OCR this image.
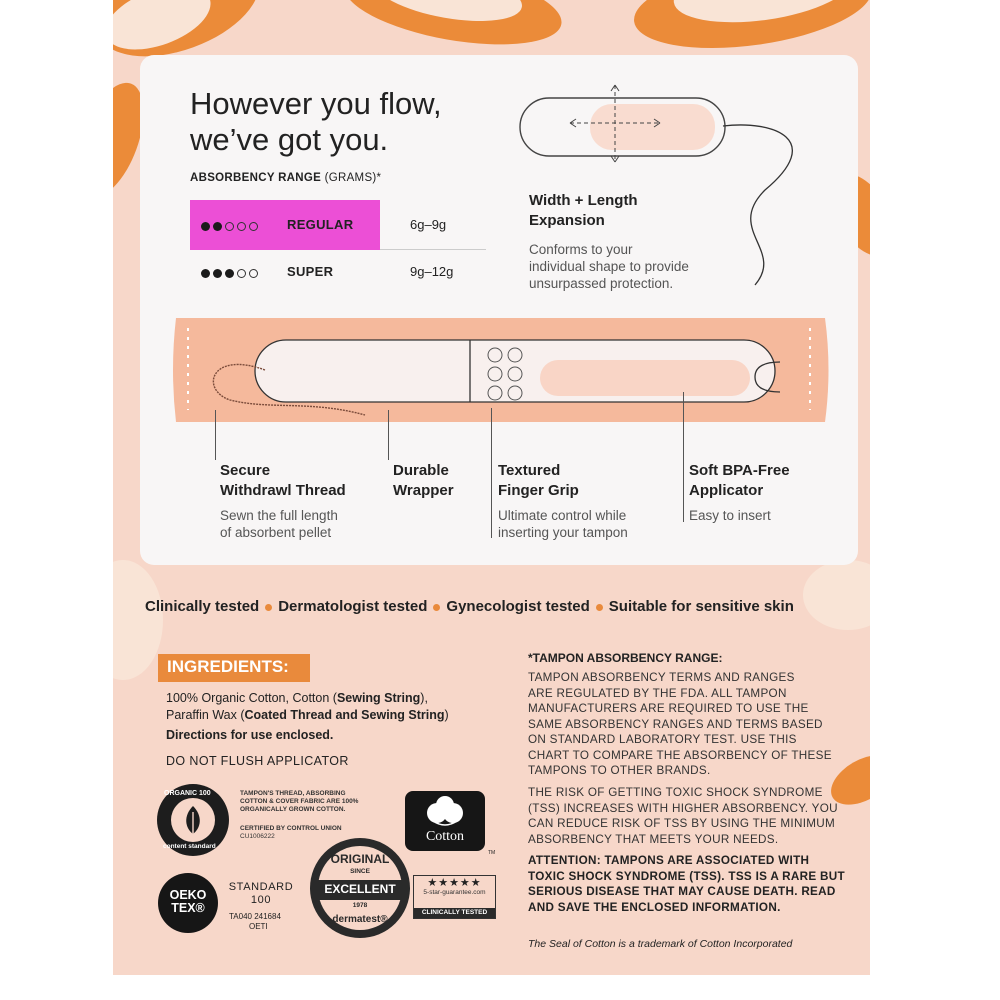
However you flow,
we’ve got you.
ABSORBENCY RANGE (GRAMS)*
REGULAR	6g–9g
SUPER	9g–12g
Width + Length
Expansion
Conforms to your
individual shape to provide
unsurpassed protection.
Secure
Withdrawl Thread
Sewn the full length
of absorbent pellet
Durable
Wrapper
Textured
Finger Grip
Ultimate control while
inserting your tampon
Soft BPA-Free
Applicator
Easy to insert
Clinically tested Dermatologist tested Gynecologist tested Suitable for sensitive skin
INGREDIENTS:
100% Organic Cotton, Cotton (Sewing String),
Paraffin Wax (Coated Thread and Sewing String)
Directions for use enclosed.
DO NOT FLUSH APPLICATOR
ORGANIC 100
content standard
TAMPON'S THREAD, ABSORBING
COTTON & COVER FABRIC ARE 100%
ORGANICALLY GROWN COTTON.
CERTIFIED BY CONTROL UNION
CU1006222	Cotton
TM
OEKO
TEX®
STANDARD
100
TA040 241684
OETI
ORIGINAL
SINCE
EXCELLENT
1978
dermatest®
★★★★★
5-star-guarantee.com
CLINICALLY TESTED
*TAMPON ABSORBENCY RANGE:
TAMPON ABSORBENCY TERMS AND RANGES
ARE REGULATED BY THE FDA. ALL TAMPON
MANUFACTURERS ARE REQUIRED TO USE THE
SAME ABSORBENCY RANGES AND TERMS BASED
ON STANDARD LABORATORY TEST. USE THIS
CHART TO COMPARE THE ABSORBENCY OF THESE
TAMPONS TO OTHER BRANDS.
THE RISK OF GETTING TOXIC SHOCK SYNDROME
(TSS) INCREASES WITH HIGHER ABSORBENCY. YOU
CAN REDUCE RISK OF TSS BY USING THE MINIMUM
ABSORBENCY THAT MEETS YOUR NEEDS.
ATTENTION: TAMPONS ARE ASSOCIATED WITH
TOXIC SHOCK SYNDROME (TSS). TSS IS A RARE BUT
SERIOUS DISEASE THAT MAY CAUSE DEATH. READ
AND SAVE THE ENCLOSED INFORMATION.
The Seal of Cotton is a trademark of Cotton Incorporated
